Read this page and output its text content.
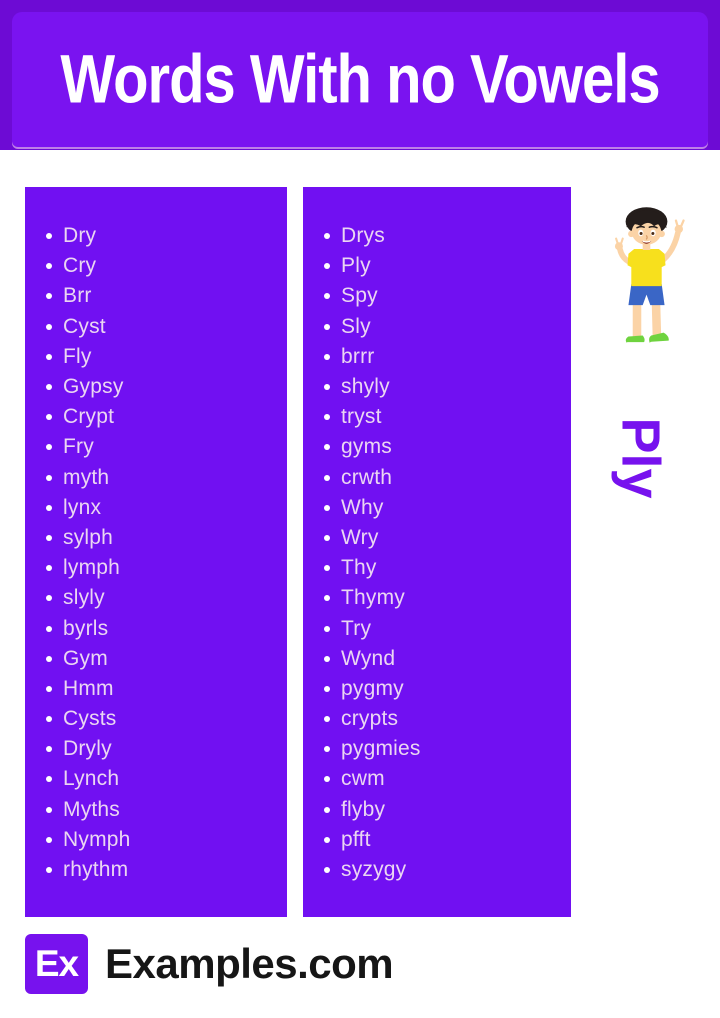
Words With no Vowels
Dry
Cry
Brr
Cyst
Fly
Gypsy
Crypt
Fry
myth
lynx
sylph
lymph
slyly
byrls
Gym
Hmm
Cysts
Dryly
Lynch
Myths
Nymph
rhythm
Drys
Ply
Spy
Sly
brrr
shyly
tryst
gyms
crwth
Why
Wry
Thy
Thymy
Try
Wynd
pygmy
crypts
pygmies
cwm
flyby
pfft
syzygy
Ply
Ex Examples.com
